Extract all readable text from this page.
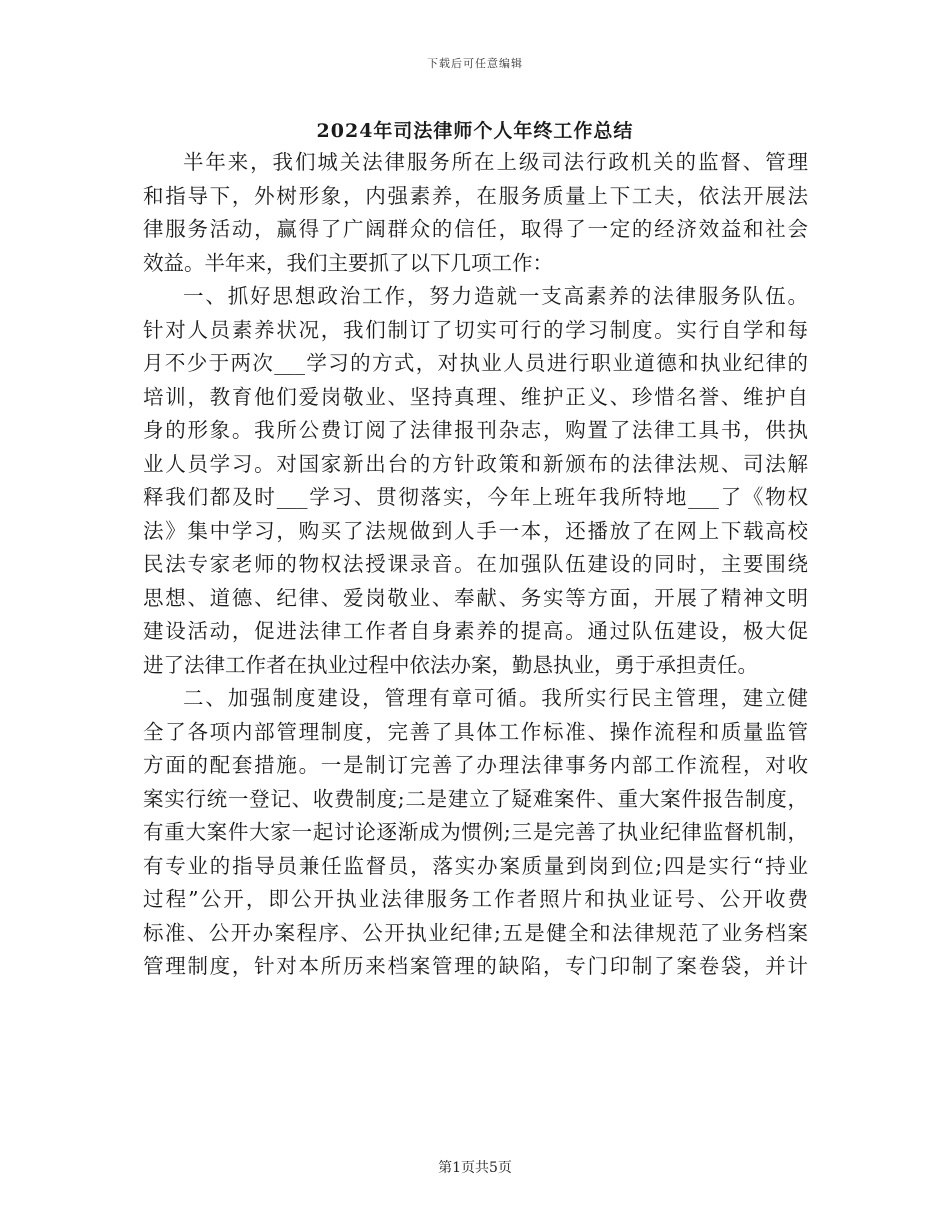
下载后可任意编辑
2024年司法律师个人年终工作总结
半年来，我们城关法律服务所在上级司法行政机关的监督、管理
和指导下，外树形象，内强素养，在服务质量上下工夫，依法开展法
律服务活动，赢得了广阔群众的信任，取得了一定的经济效益和社会
效益。半年来，我们主要抓了以下几项工作：
一、抓好思想政治工作，努力造就一支高素养的法律服务队伍。
针对人员素养状况，我们制订了切实可行的学习制度。实行自学和每
月不少于两次___学习的方式，对执业人员进行职业道德和执业纪律的
培训，教育他们爱岗敬业、坚持真理、维护正义、珍惜名誉、维护自
身的形象。我所公费订阅了法律报刊杂志，购置了法律工具书，供执
业人员学习。对国家新出台的方针政策和新颁布的法律法规、司法解
释我们都及时___学习、贯彻落实，今年上班年我所特地___了《物权
法》集中学习，购买了法规做到人手一本，还播放了在网上下载高校
民法专家老师的物权法授课录音。在加强队伍建设的同时，主要围绕
思想、道德、纪律、爱岗敬业、奉献、务实等方面，开展了精神文明
建设活动，促进法律工作者自身素养的提高。通过队伍建设，极大促
进了法律工作者在执业过程中依法办案，勤恳执业，勇于承担责任。
二、加强制度建设，管理有章可循。我所实行民主管理，建立健
全了各项内部管理制度，完善了具体工作标准、操作流程和质量监管
方面的配套措施。一是制订完善了办理法律事务内部工作流程，对收
案实行统一登记、收费制度;二是建立了疑难案件、重大案件报告制度，
有重大案件大家一起讨论逐渐成为惯例;三是完善了执业纪律监督机制，
有专业的指导员兼任监督员，落实办案质量到岗到位;四是实行“持业
过程”公开，即公开执业法律服务工作者照片和执业证号、公开收费
标准、公开办案程序、公开执业纪律;五是健全和法律规范了业务档案
管理制度，针对本所历来档案管理的缺陷，专门印制了案卷袋，并计
第1页共5页
